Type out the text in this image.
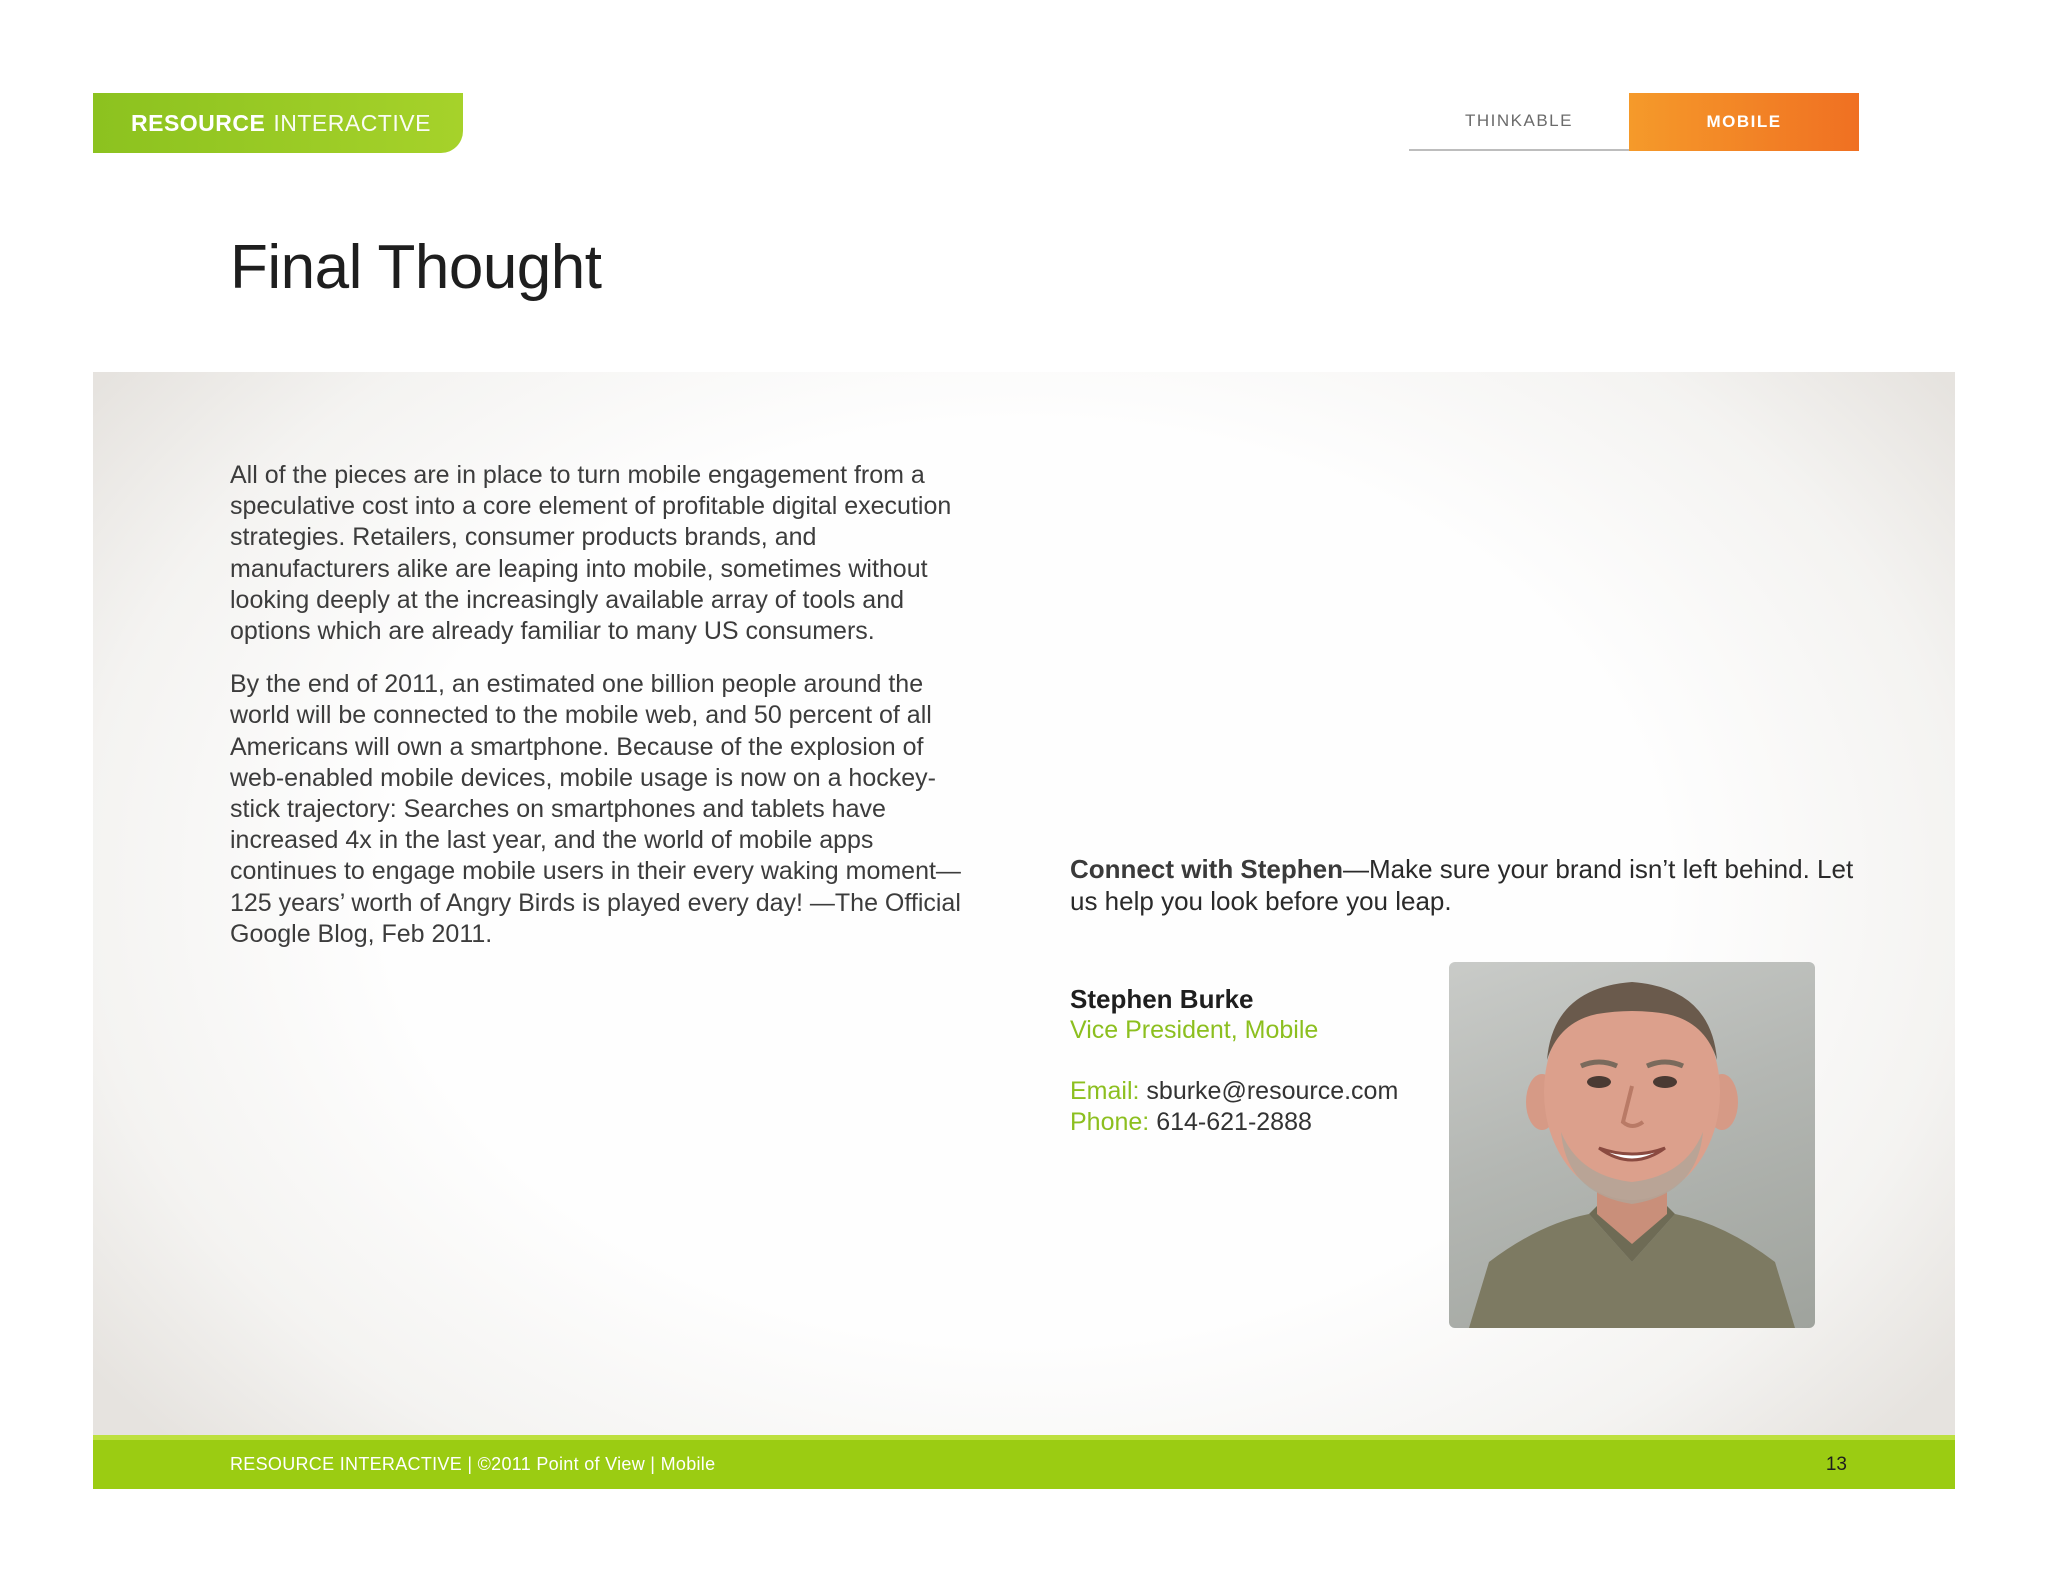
RESOURCE INTERACTIVE	THINKABLE	MOBILE
Final Thought

All of the pieces are in place to turn mobile engagement from a speculative cost into a core element of profitable digital execution strategies. Retailers, consumer products brands, and manufacturers alike are leaping into mobile, sometimes without looking deeply at the increasingly available array of tools and options which are already familiar to many US consumers.

By the end of 2011, an estimated one billion people around the world will be connected to the mobile web, and 50 percent of all Americans will own a smartphone. Because of the explosion of web-enabled mobile devices, mobile usage is now on a hockey-stick trajectory: Searches on smartphones and tablets have increased 4x in the last year, and the world of mobile apps continues to engage mobile users in their every waking moment—125 years’ worth of Angry Birds is played every day! —The Official Google Blog, Feb 2011.

Connect with Stephen—Make sure your brand isn’t left behind. Let us help you look before you leap.

Stephen Burke
Vice President, Mobile
Email: sburke@resource.com
Phone: 614-621-2888
RESOURCE INTERACTIVE | ©2011 Point of View | Mobile	13
